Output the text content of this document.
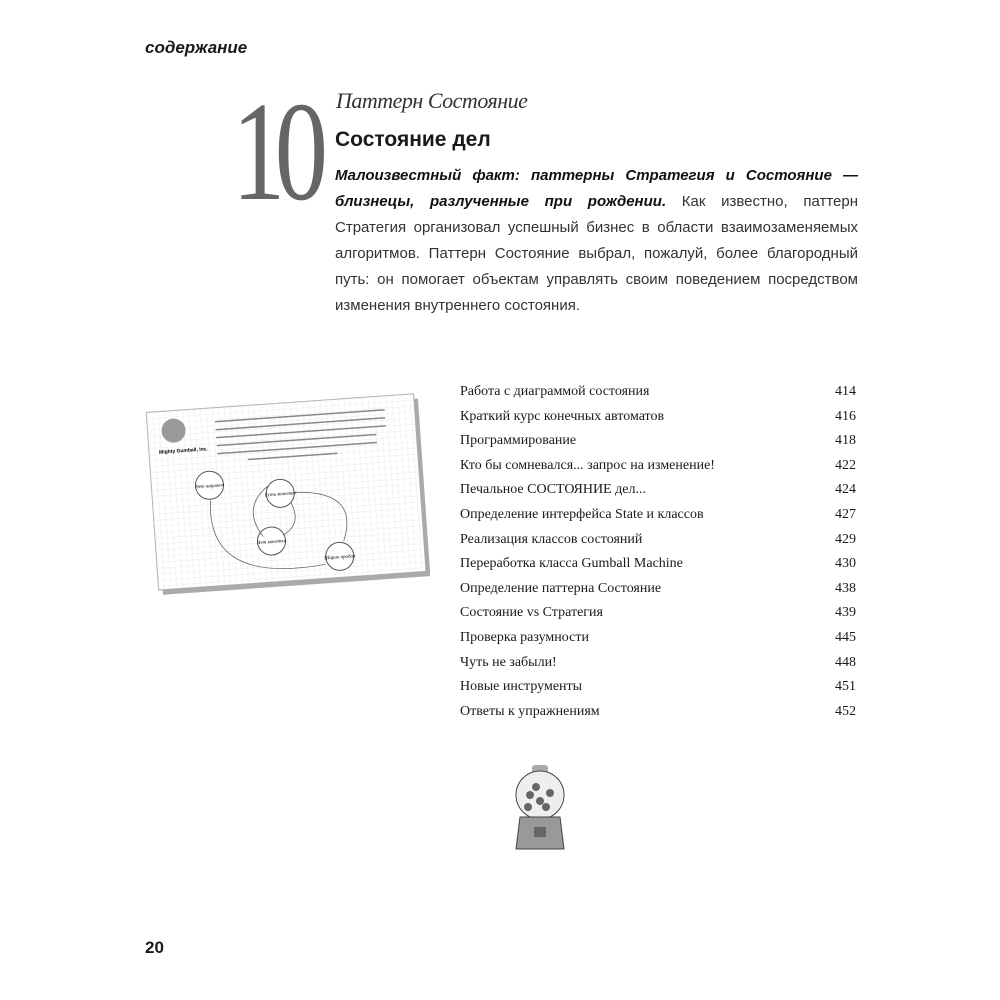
содержание
10 Паттерн Состояние
Состояние дел
Малоизвестный факт: паттерны Стратегия и Состояние — близнецы, разлученные при рождении. Как известно, паттерн Стратегия организовал успешный бизнес в области взаимозаменяемых алгоритмов. Паттерн Состояние выбрал, пожалуй, более благородный путь: он помогает объектам управлять своим поведением посредством изменения внутреннего состояния.
Mighty Gumball, Inc.
Нет шариков
Есть монетка
Нет монетки
Шарик продан
Работа с диаграммой состояния	414
Краткий курс конечных автоматов	416
Программирование	418
Кто бы сомневался... запрос на изменение!	422
Печальное СОСТОЯНИЕ дел...	424
Определение интерфейса State и классов	427
Реализация классов состояний	429
Переработка класса Gumball Machine	430
Определение паттерна Состояние	438
Состояние vs Стратегия	439
Проверка разумности	445
Чуть не забыли!	448
Новые инструменты	451
Ответы к упражнениям	452
20
